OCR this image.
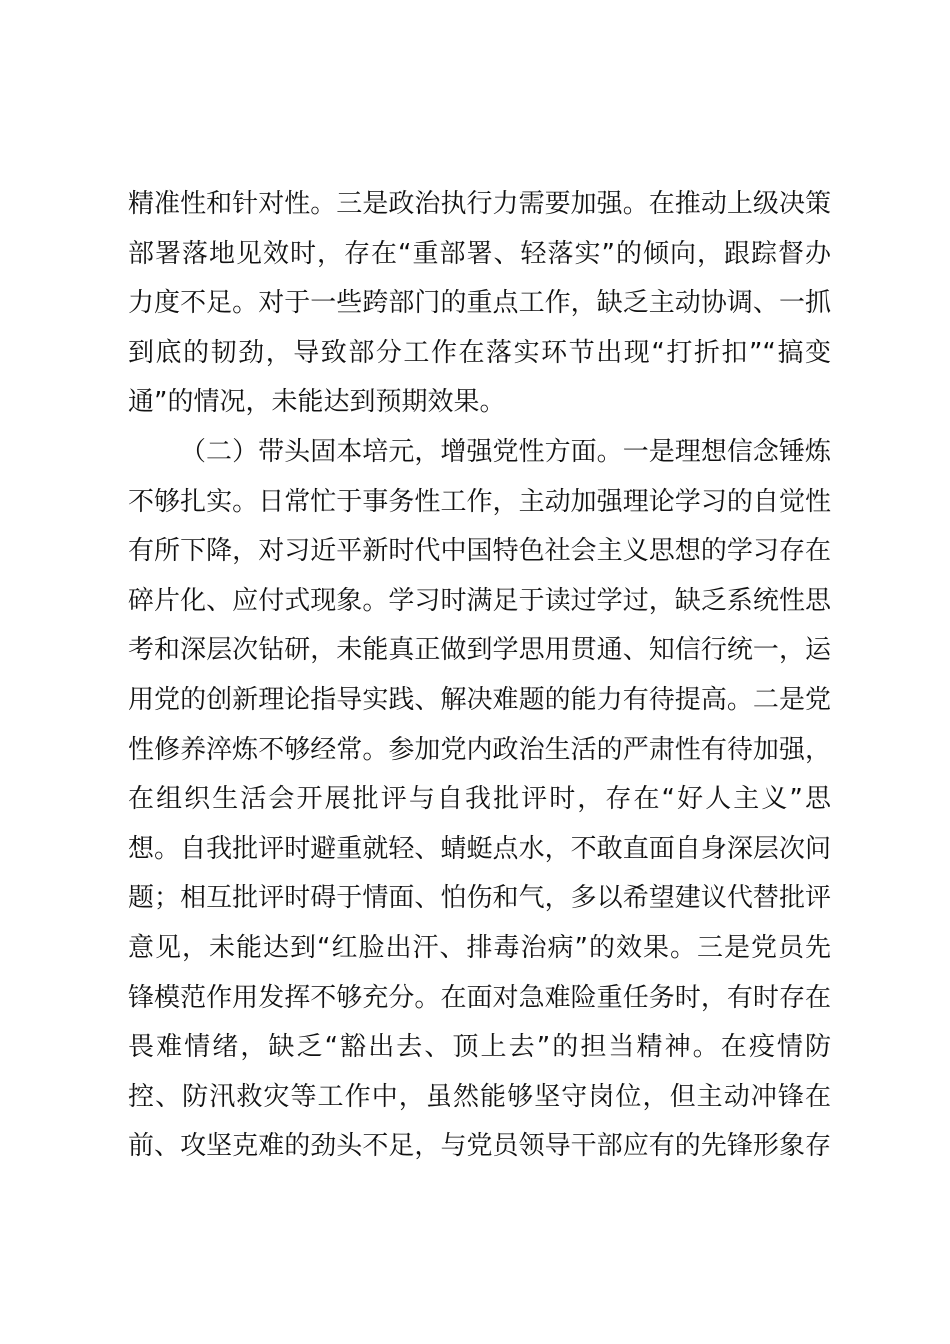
精准性和针对性。三是政治执行力需要加强。在推动上级决策
部署落地见效时，存在“重部署、轻落实”的倾向，跟踪督办
力度不足。对于一些跨部门的重点工作，缺乏主动协调、一抓
到底的韧劲，导致部分工作在落实环节出现“打折扣”“搞变
通”的情况，未能达到预期效果。
（二）带头固本培元，增强党性方面。一是理想信念锤炼
不够扎实。日常忙于事务性工作，主动加强理论学习的自觉性
有所下降，对习近平新时代中国特色社会主义思想的学习存在
碎片化、应付式现象。学习时满足于读过学过，缺乏系统性思
考和深层次钻研，未能真正做到学思用贯通、知信行统一，运
用党的创新理论指导实践、解决难题的能力有待提高。二是党
性修养淬炼不够经常。参加党内政治生活的严肃性有待加强，
在组织生活会开展批评与自我批评时，存在“好人主义”思
想。自我批评时避重就轻、蜻蜓点水，不敢直面自身深层次问
题；相互批评时碍于情面、怕伤和气，多以希望建议代替批评
意见，未能达到“红脸出汗、排毒治病”的效果。三是党员先
锋模范作用发挥不够充分。在面对急难险重任务时，有时存在
畏难情绪，缺乏“豁出去、顶上去”的担当精神。在疫情防
控、防汛救灾等工作中，虽然能够坚守岗位，但主动冲锋在
前、攻坚克难的劲头不足，与党员领导干部应有的先锋形象存
